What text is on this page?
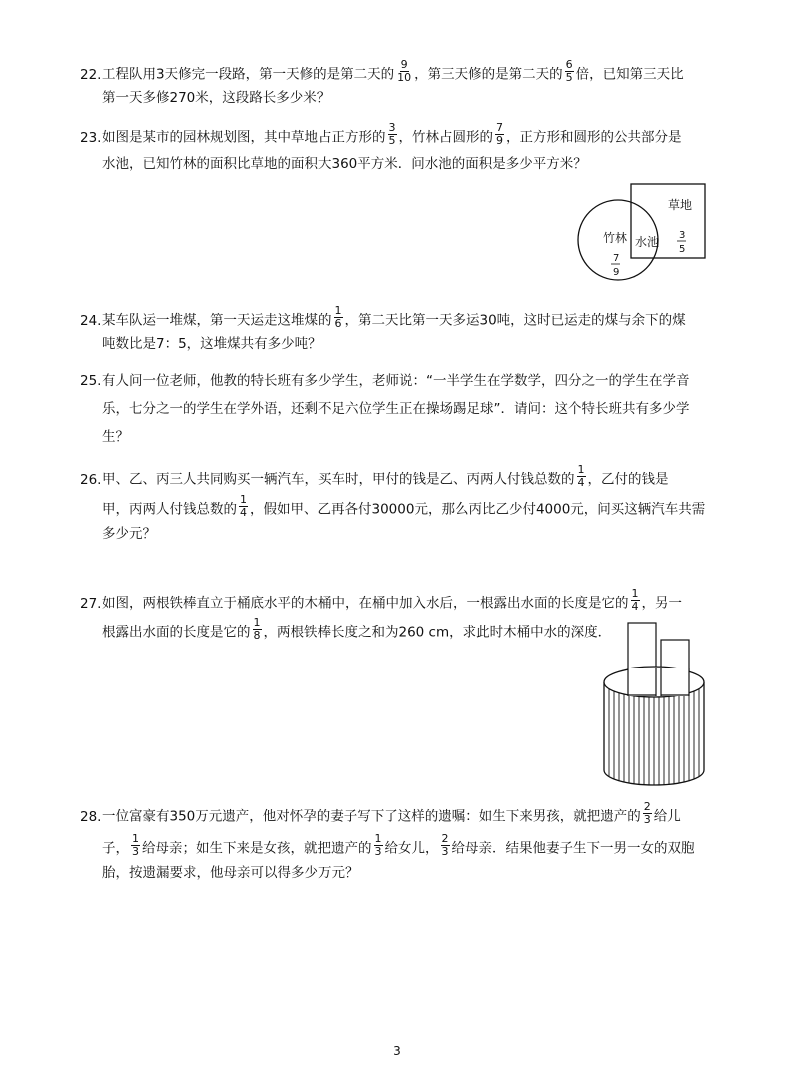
22.工程队用3天修完一段路，第一天修的是第二天的 $\frac{9}{10}$ ，第三天修的是第二天的 $\frac{6}{5}$ 倍，已知第三天比
第一天多修270米，这段路长多少米？
23.如图是某市的园林规划图，其中草地占正方形的 $\frac{3}{5}$ ，竹林占圆形的 $\frac{7}{9}$ ，正方形和圆形的公共部分是
水池，已知竹林的面积比草地的面积大360平方米．问水池的面积是多少平方米？
草地
竹林 水池 3
5
7
9
24.某车队运一堆煤，第一天运走这堆煤的 $\frac{1}{6}$ ，第二天比第一天多运30吨，这时已运走的煤与余下的煤
吨数比是7：5，这堆煤共有多少吨？
25.有人问一位老师，他教的特长班有多少学生，老师说：“一半学生在学数学，四分之一的学生在学音
乐，七分之一的学生在学外语，还剩不足六位学生正在操场踢足球”．请问：这个特长班共有多少学
生？
26.甲、乙、丙三人共同购买一辆汽车，买车时，甲付的钱是乙、丙两人付钱总数的 $\frac{1}{4}$ ，乙付的钱是
甲，丙两人付钱总数的 $\frac{1}{4}$ ，假如甲、乙再各付30000元，那么丙比乙少付4000元，问买这辆汽车共需
多少元？
27.如图，两根铁棒直立于桶底水平的木桶中，在桶中加入水后，一根露出水面的长度是它的 $\frac{1}{4}$ ，另一
根露出水面的长度是它的 $\frac{1}{8}$ ，两根铁棒长度之和为260 cm，求此时木桶中水的深度．
28.一位富豪有350万元遗产，他对怀孕的妻子写下了这样的遗嘱：如生下来男孩，就把遗产的 $\frac{2}{3}$ 给儿
子， $\frac{1}{3}$ 给母亲；如生下来是女孩，就把遗产的 $\frac{1}{3}$ 给女儿， $\frac{2}{3}$ 给母亲．结果他妻子生下一男一女的双胞
胎，按遗漏要求，他母亲可以得多少万元？
3
